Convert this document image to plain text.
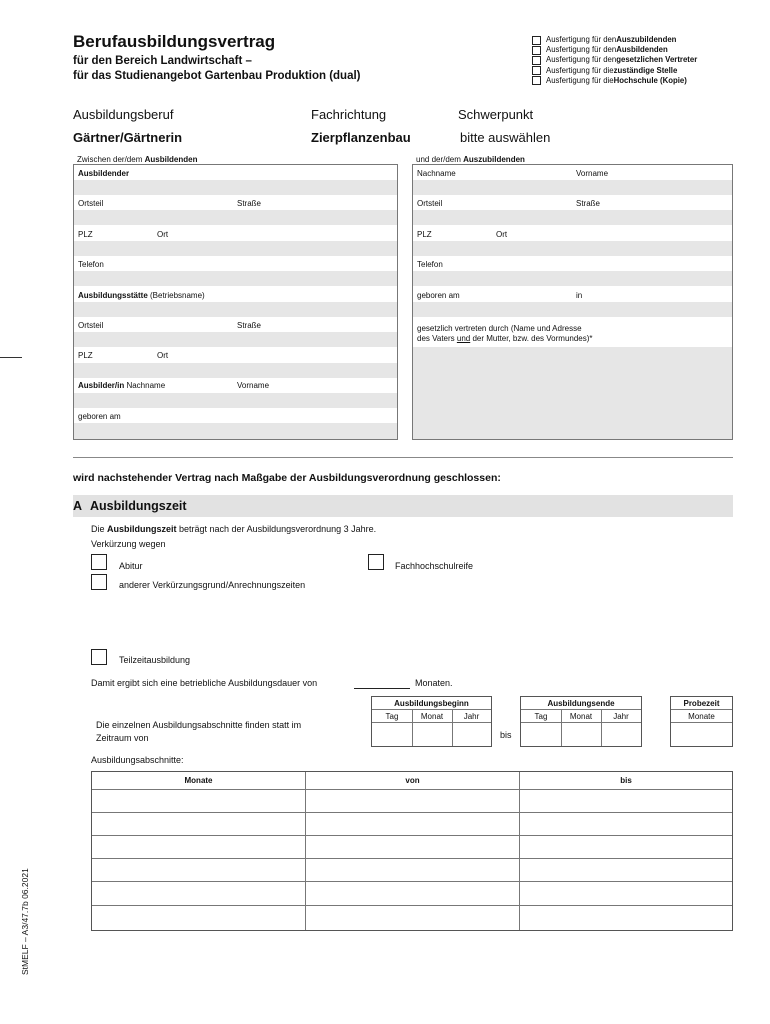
Berufausbildungsvertrag
für den Bereich Landwirtschaft –
für das Studienangebot Gartenbau Produktion (dual)
Ausfertigung für den Auszubildenden
Ausfertigung für den Ausbildenden
Ausfertigung für den gesetzlichen Vertreter
Ausfertigung für die zuständige Stelle
Ausfertigung für die Hochschule (Kopie)
Ausbildungsberuf
Gärtner/Gärtnerin
Fachrichtung
Zierpflanzenbau
Schwerpunkt
bitte auswählen
Zwischen der/dem Ausbildenden
Ausbildender
Ortsteil	Straße
PLZ	Ort
Telefon
Ausbildungsstätte (Betriebsname)
Ortsteil	Straße
PLZ	Ort
Ausbilder/in Nachname	Vorname
geboren am
und der/dem Auszubildenden
Nachname	Vorname
Ortsteil	Straße
PLZ	Ort
Telefon
geboren am	in
gesetzlich vertreten durch (Name und Adresse
des Vaters und der Mutter, bzw. des Vormundes)*
wird nachstehender Vertrag nach Maßgabe der Ausbildungsverordnung geschlossen:
A Ausbildungszeit
Die Ausbildungszeit beträgt nach der Ausbildungsverordnung 3 Jahre.
Verkürzung wegen
Abitur	Fachhochschulreife
anderer Verkürzungsgrund/Anrechnungszeiten
Teilzeitausbildung
Damit ergibt sich eine betriebliche Ausbildungsdauer von	Monaten.
Die einzelnen Ausbildungsabschnitte finden statt im
Zeitraum von
Ausbildungsbeginn
Tag	Monat	Jahr
bis
Ausbildungsende
Tag	Monat	Jahr
Probezeit
Monate
Ausbildungsabschnitte:
Monate	von	bis
StMELF – A3/47.7b 06.2021
